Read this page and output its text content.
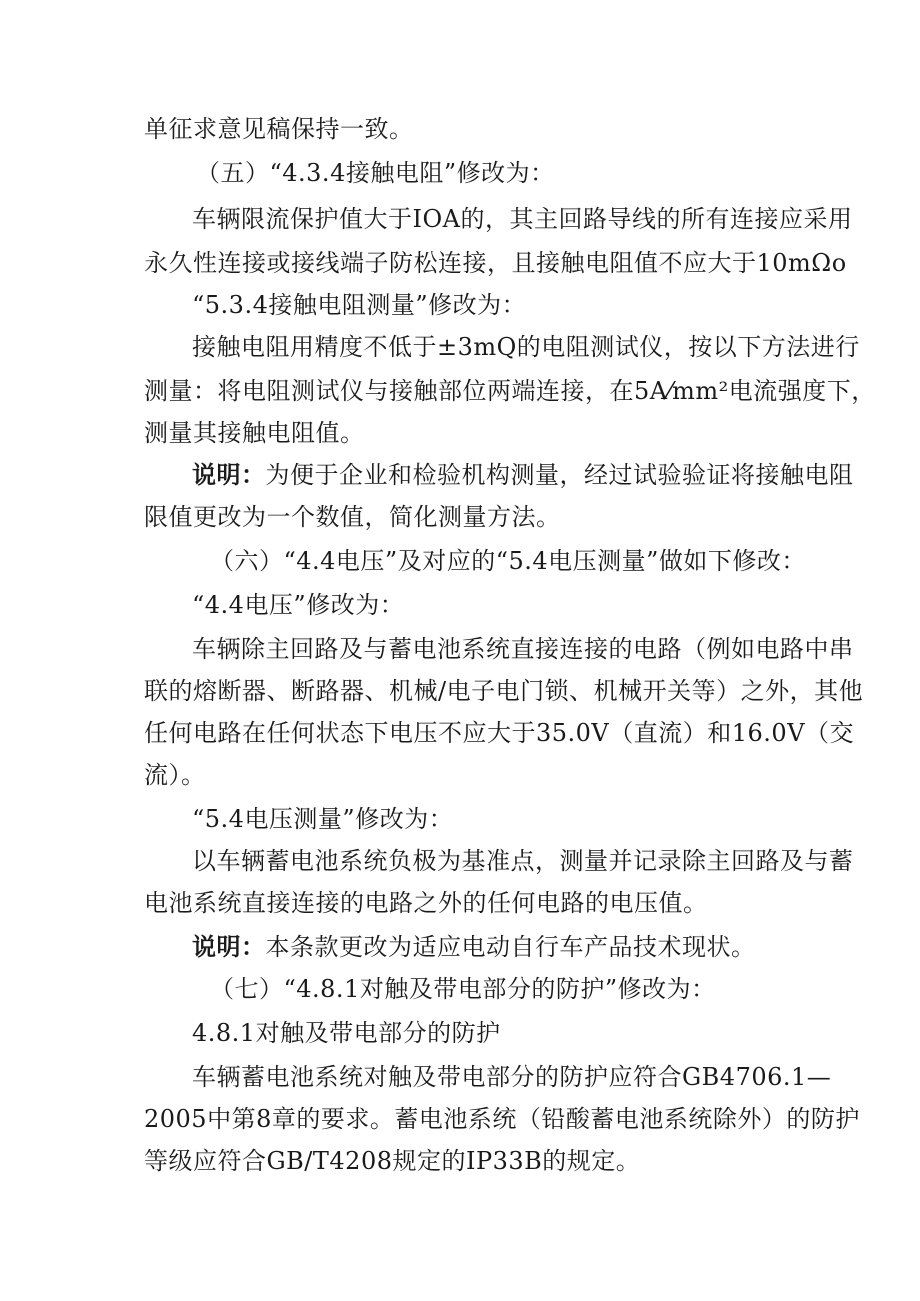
单征求意见稿保持一致。
（五）“4.3.4接触电阻”修改为：
车辆限流保护值大于IOA的，其主回路导线的所有连接应采用
永久性连接或接线端子防松连接，且接触电阻值不应大于10mΩo
“5.3.4接触电阻测量”修改为：
接触电阻用精度不低于±3mQ的电阻测试仪，按以下方法进行
测量：将电阻测试仪与接触部位两端连接，在5A⁄mm²电流强度下，
测量其接触电阻值。
说明：为便于企业和检验机构测量，经过试验验证将接触电阻
限值更改为一个数值，简化测量方法。
（六）“4.4电压”及对应的“5.4电压测量”做如下修改：
“4.4电压”修改为：
车辆除主回路及与蓄电池系统直接连接的电路（例如电路中串
联的熔断器、断路器、机械/电子电门锁、机械开关等）之外，其他
任何电路在任何状态下电压不应大于35.0V（直流）和16.0V（交
流）。
“5.4电压测量”修改为：
以车辆蓄电池系统负极为基准点，测量并记录除主回路及与蓄
电池系统直接连接的电路之外的任何电路的电压值。
说明：本条款更改为适应电动自行车产品技术现状。
（七）“4.8.1对触及带电部分的防护”修改为：
4.8.1对触及带电部分的防护
车辆蓄电池系统对触及带电部分的防护应符合GB4706.1—
2005中第8章的要求。蓄电池系统（铅酸蓄电池系统除外）的防护
等级应符合GB/T4208规定的IP33B的规定。
